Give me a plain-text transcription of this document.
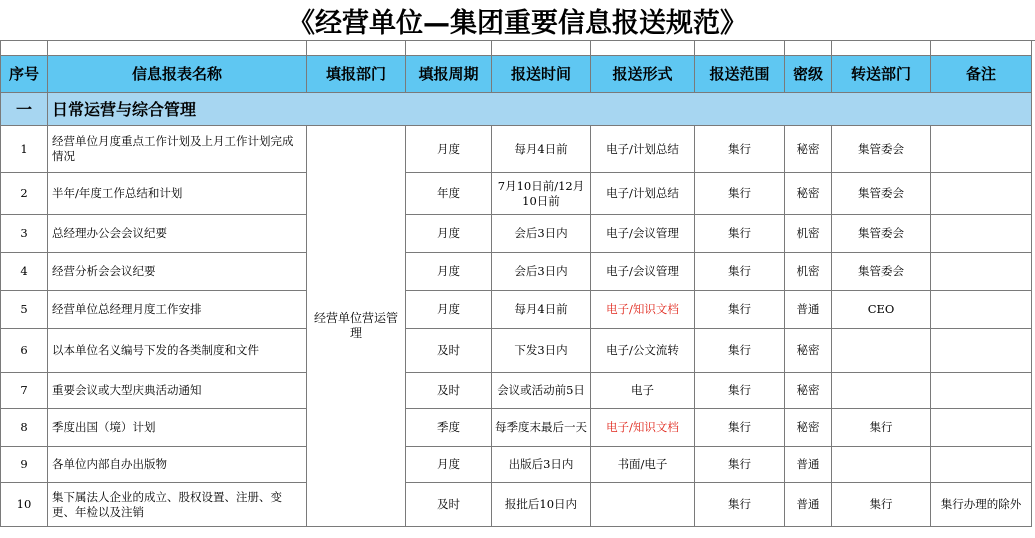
《经营单位—集团重要信息报送规范》

序号	信息报表名称	填报部门	填报周期	报送时间	报送形式	报送范围	密级	转送部门	备注
一	日常运营与综合管理								
1	经营单位月度重点工作计划及上月工作计划完成情况	经营单位营运管理	月度	每月4日前	电子/计划总结	集行	秘密	集管委会	
2	半年/年度工作总结和计划		年度	7月10日前/12月10日前	电子/计划总结	集行	秘密	集管委会	
3	总经理办公会会议纪要		月度	会后3日内	电子/会议管理	集行	机密	集管委会	
4	经营分析会会议纪要		月度	会后3日内	电子/会议管理	集行	机密	集管委会	
5	经营单位总经理月度工作安排		月度	每月4日前	电子/知识文档	集行	普通	CEO	
6	以本单位名义编号下发的各类制度和文件		及时	下发3日内	电子/公文流转	集行	秘密		
7	重要会议或大型庆典活动通知		及时	会议或活动前5日	电子	集行	秘密		
8	季度出国（境）计划		季度	每季度末最后一天	电子/知识文档	集行	秘密	集行	
9	各单位内部自办出版物		月度	出版后3日内	书面/电子	集行	普通		
10	集下属法人企业的成立、股权设置、注册、变更、年检以及注销		及时	报批后10日内		集行	普通	集行	集行办理的除外
